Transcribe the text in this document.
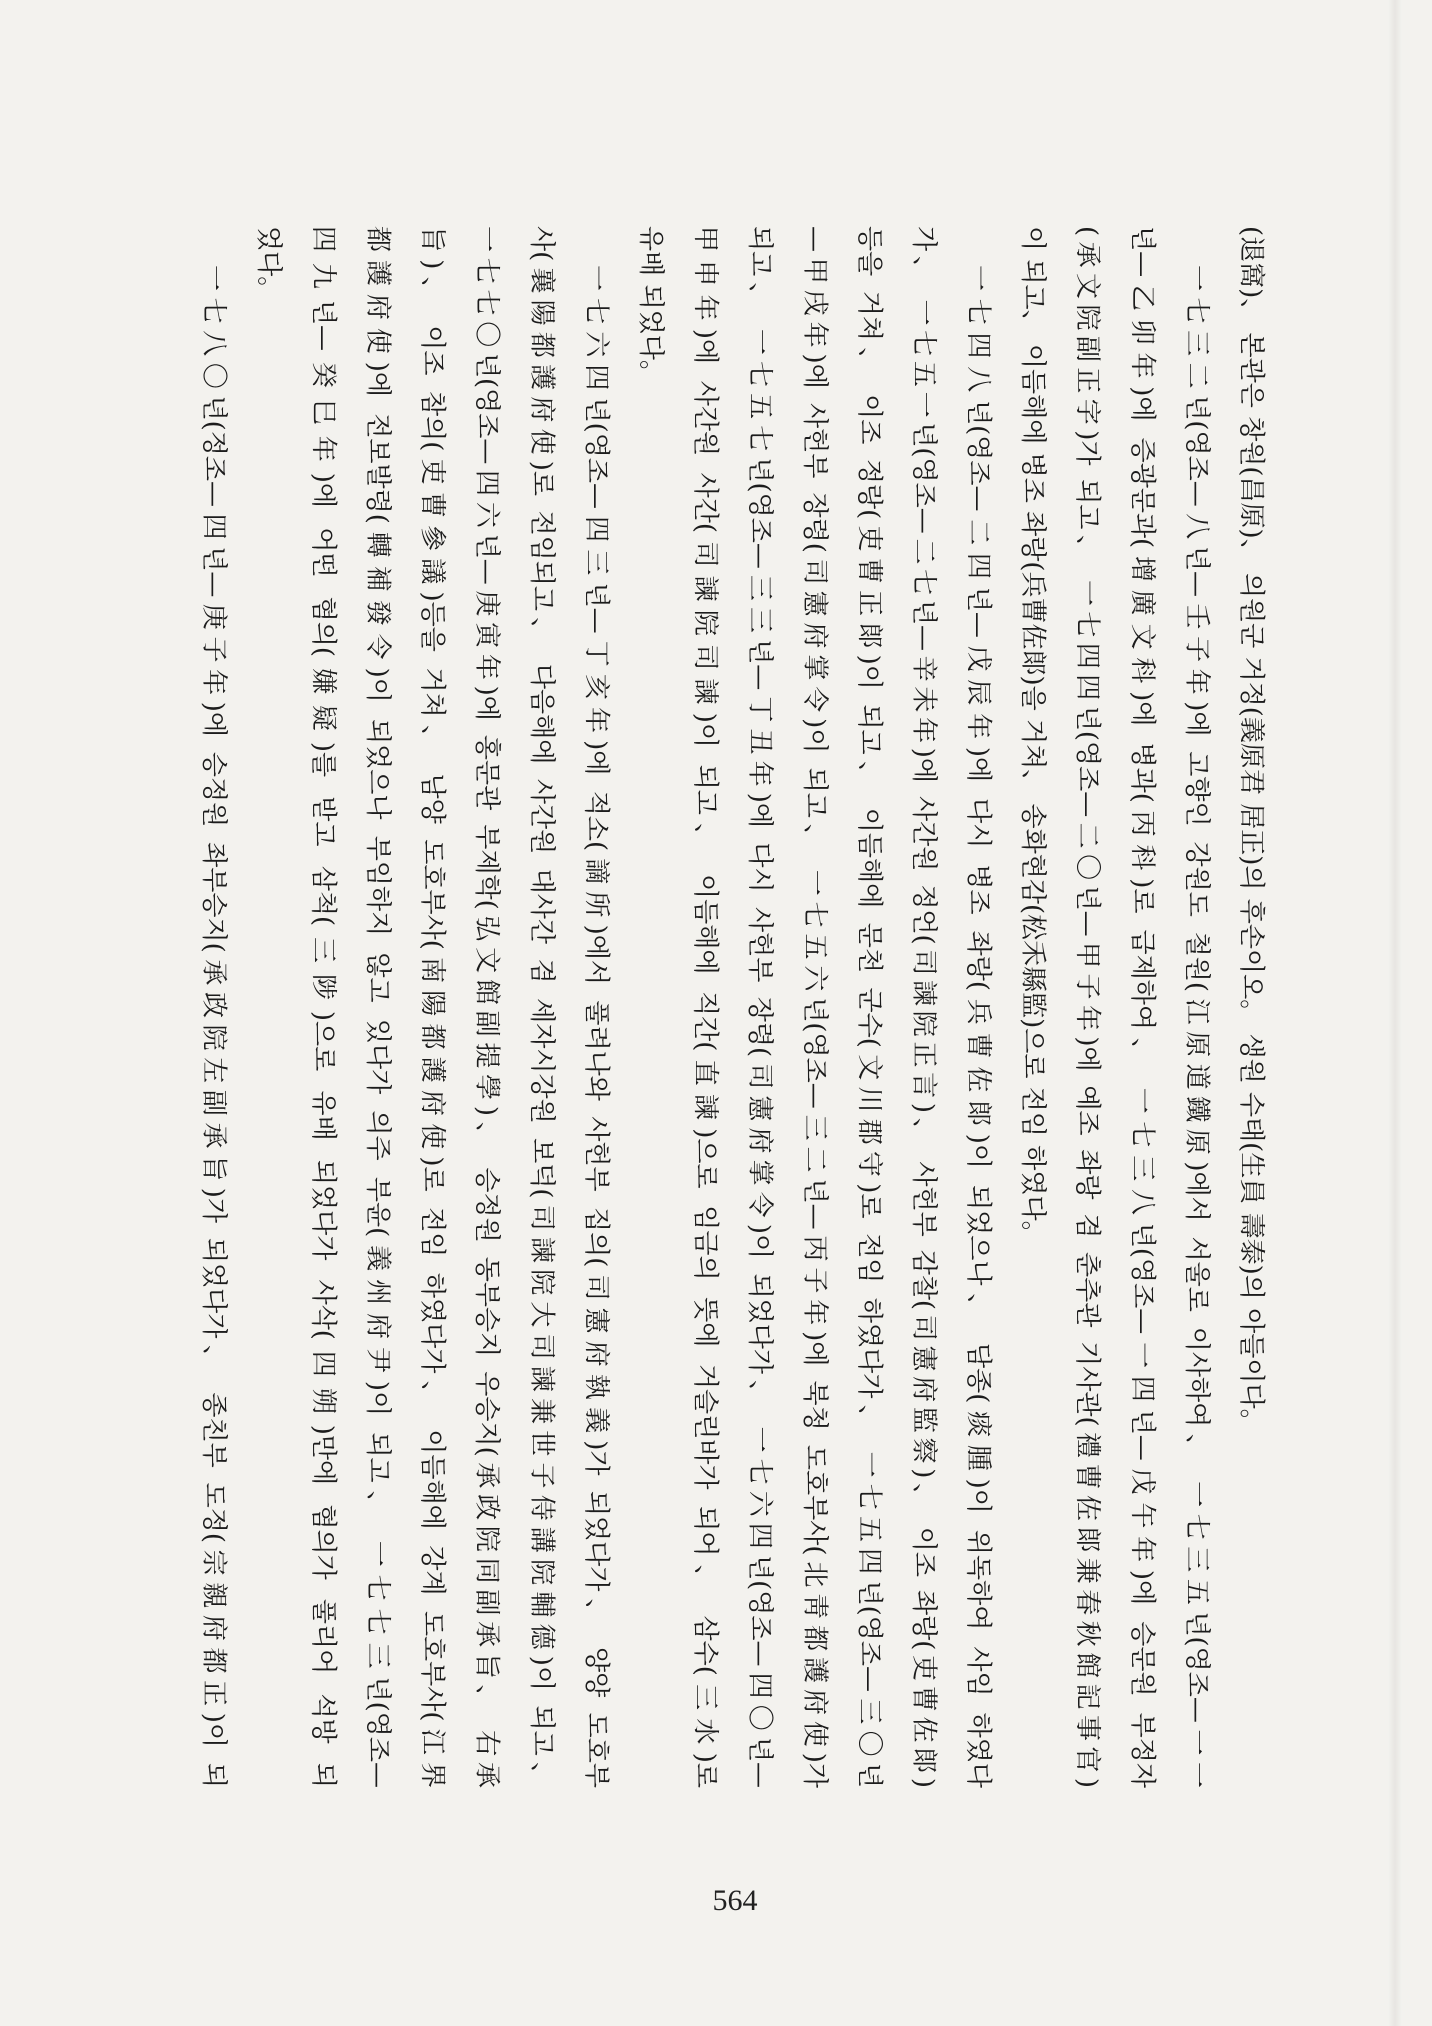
(退窩)、 본관은 창원(昌原)、 의원군 거정(義原君 居正)의 후손이오。 생원 수태(生員 壽泰)의 아들이다。
一七三二년(영조—八년—壬子年)에 고향인 강원도 철원(江原道鐵原)에서 서울로 이사하여、 一七三五년(영조—一一
년—乙卯年)에 증광문과(增廣文科)에 병과(丙科)로 급제하여、 一七三八년(영조—一四년—戊午年)에 승문원 부정자
(承文院副正字)가 되고、 一七四四년(영조—二〇년—甲子年)에 예조 좌랑 겸 춘추관 기사관(禮曹佐郞兼春秋館記事官)
이 되고、 이듬해에 병조 좌랑(兵曹佐郞)을 거쳐、 송화현감(松禾縣監)으로 전임 하였다。
一七四八년(영조—二四년—戊辰年)에 다시 병조 좌랑(兵曹佐郞)이 되었으나、 담종(痰腫)이 위독하여 사임 하였다
가、 一七五一년(영조—二七년—辛未年)에 사간원 정언(司諫院正言)、 사헌부 감찰(司憲府監察)、 이조 좌랑(吏曹佐郞)
등을 거쳐、 이조 정랑(吏曹正郞)이 되고、 이듬해에 문천 군수(文川郡守)로 전임 하였다가、 一七五四년(영조—三〇년
—甲戌年)에 사헌부 장령(司憲府掌令)이 되고、 一七五六년(영조—三二년—丙子年)에 북청 도호부사(北靑都護府使)가
되고、 一七五七년(영조—三三년—丁丑年)에 다시 사헌부 장령(司憲府掌令)이 되었다가、 一七六四년(영조—四〇년—
甲申年)에 사간원 사간(司諫院司諫)이 되고、 이듬해에 직간(直諫)으로 임금의 뜻에 거슬린바가 되어、 삼수(三水)로
유배 되었다。
一七六四년(영조—四三년—丁亥年)에 적소(謫所)에서 풀려나와 사헌부 집의(司憲府執義)가 되었다가、 양양 도호부
사(襄陽都護府使)로 전임되고、 다음해에 사간원 대사간 겸 세자시강원 보덕(司諫院大司諫兼世子侍講院輔德)이 되고、
一七七〇년(영조—四六년—庚寅年)에 홍문관 부제학(弘文館副提學)、 승정원 동부승지 우승지(承政院同副承旨、 右承
旨)、 이조 참의(吏曹參議)등을 거쳐、 남양 도호부사(南陽都護府使)로 전임 하였다가、 이듬해에 강계 도호부사(江界
都護府使)에 전보발령(轉補發令)이 되었으나 부임하지 않고 있다가 의주 부윤(義州府尹)이 되고、 一七七三년(영조—
四九년—癸巳年)에 어떤 혐의(嫌疑)를 받고 삼척(三陟)으로 유배 되었다가 사삭(四朔)만에 혐의가 풀리어 석방 되
었다。
一七八〇년(정조—四년—庚子年)에 승정원 좌부승지(承政院左副承旨)가 되었다가、 종친부 도정(宗親府都正)이 되
564
